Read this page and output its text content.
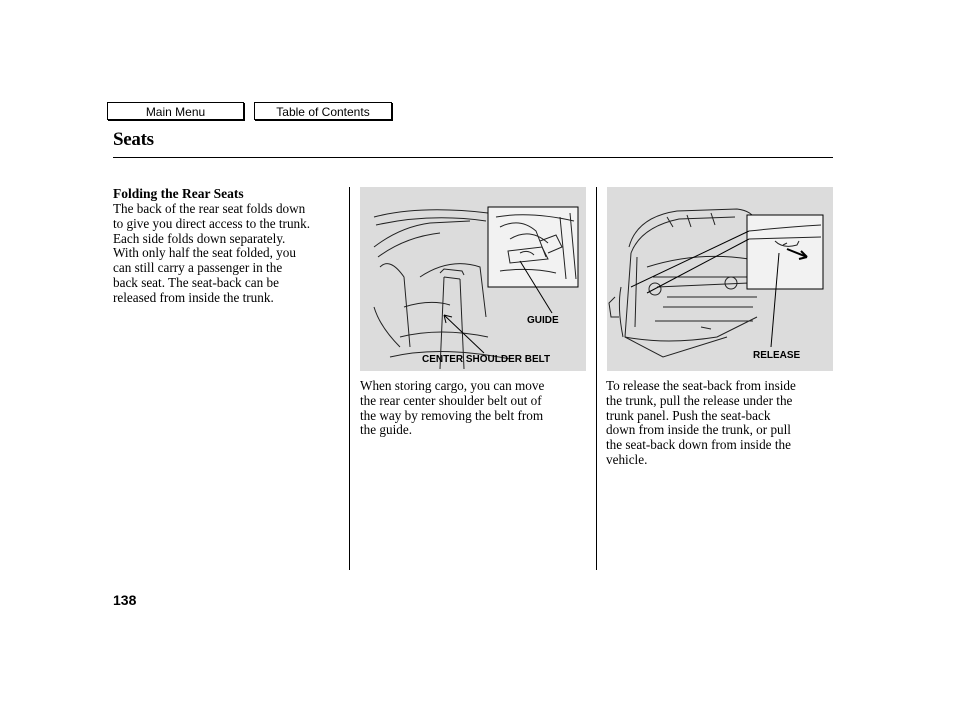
Main Menu	Table of Contents
Seats
Folding the Rear Seats
The back of the rear seat folds down
to give you direct access to the trunk.
Each side folds down separately.
With only half the seat folded, you
can still carry a passenger in the
back seat. The seat-back can be
released from inside the trunk.
GUIDE
CENTER SHOULDER BELT
When storing cargo, you can move
the rear center shoulder belt out of
the way by removing the belt from
the guide.
RELEASE
To release the seat-back from inside
the trunk, pull the release under the
trunk panel. Push the seat-back
down from inside the trunk, or pull
the seat-back down from inside the
vehicle.
138
